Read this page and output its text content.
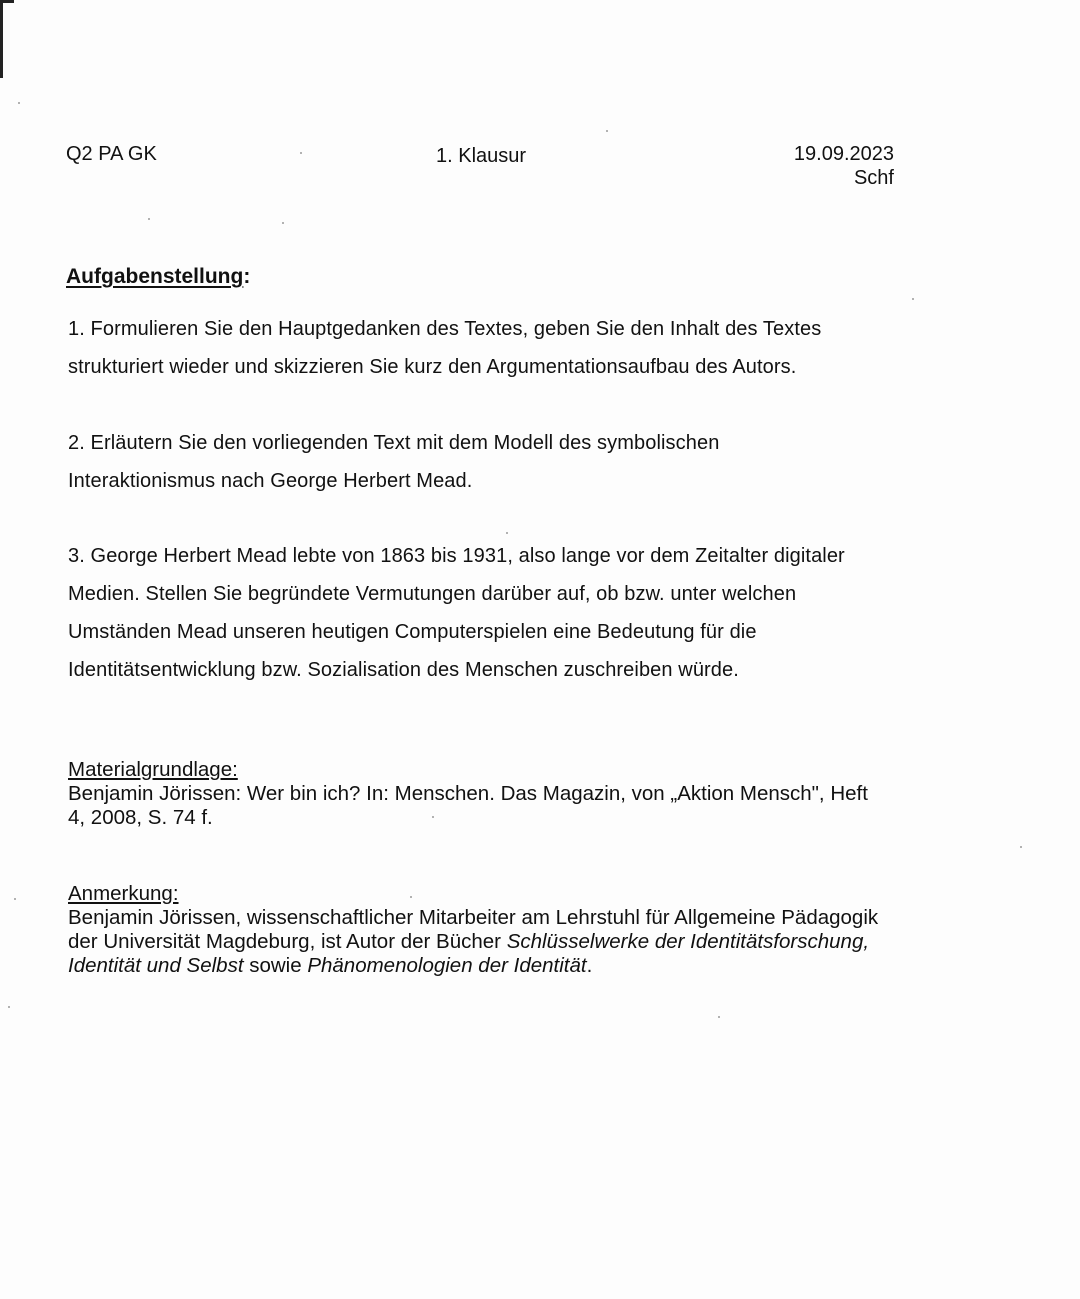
Q2 PA GK	1. Klausur	19.09.2023
Schf
Aufgabenstellung:
1. Formulieren Sie den Hauptgedanken des Textes, geben Sie den Inhalt des Textes
strukturiert wieder und skizzieren Sie kurz den Argumentationsaufbau des Autors.
2. Erläutern Sie den vorliegenden Text mit dem Modell des symbolischen
Interaktionismus nach George Herbert Mead.
3. George Herbert Mead lebte von 1863 bis 1931, also lange vor dem Zeitalter digitaler
Medien. Stellen Sie begründete Vermutungen darüber auf, ob bzw. unter welchen
Umständen Mead unseren heutigen Computerspielen eine Bedeutung für die
Identitätsentwicklung bzw. Sozialisation des Menschen zuschreiben würde.
Materialgrundlage:
Benjamin Jörissen: Wer bin ich? In: Menschen. Das Magazin, von „Aktion Mensch", Heft
4, 2008, S. 74 f.
Anmerkung:
Benjamin Jörissen, wissenschaftlicher Mitarbeiter am Lehrstuhl für Allgemeine Pädagogik
der Universität Magdeburg, ist Autor der Bücher Schlüsselwerke der Identitätsforschung,
Identität und Selbst sowie Phänomenologien der Identität.
